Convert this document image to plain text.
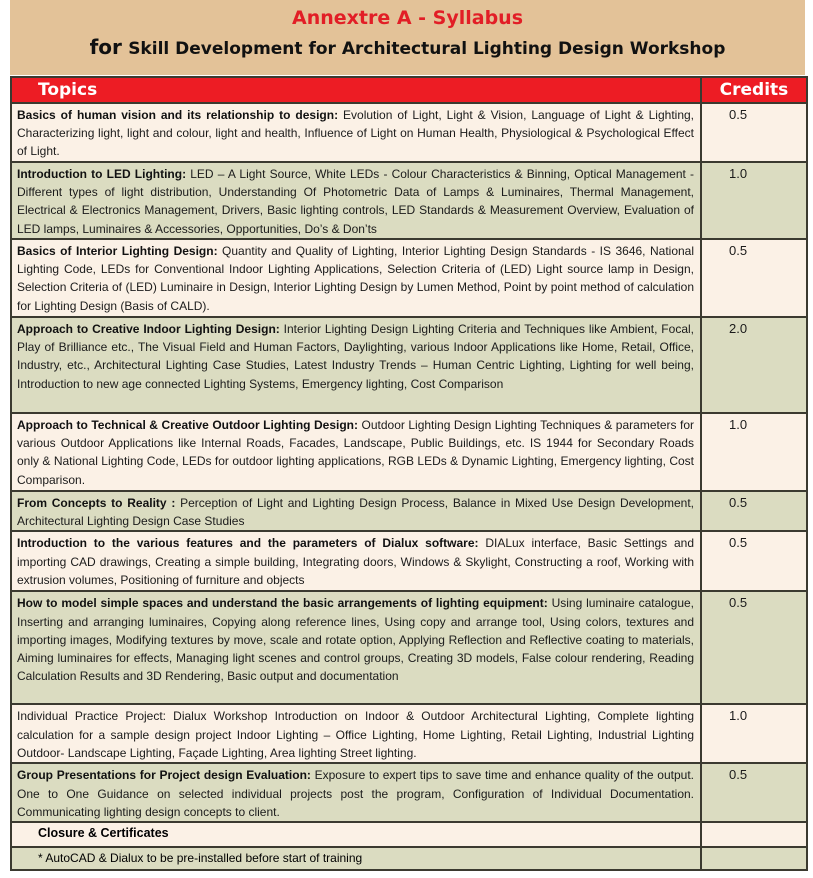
Annextre A - Syllabus
for Skill Development for Architectural Lighting Design Workshop
Topics	Credits
Basics of human vision and its relationship to design: Evolution of Light, Light & Vision, Language of Light & Lighting, Characterizing light, light and colour, light and health, Influence of Light on Human Health, Physiological & Psychological Effect of Light.	0.5
Introduction to LED Lighting: LED – A Light Source, White LEDs - Colour Characteristics & Binning, Optical Management - Different types of light distribution, Understanding Of Photometric Data of Lamps & Luminaires, Thermal Management, Electrical & Electronics Management, Drivers, Basic lighting controls, LED Standards & Measurement Overview, Evaluation of LED lamps, Luminaires & Accessories, Opportunities, Do’s & Don’ts	1.0
Basics of Interior Lighting Design: Quantity and Quality of Lighting, Interior Lighting Design Standards - IS 3646, National Lighting Code, LEDs for Conventional Indoor Lighting Applications, Selection Criteria of (LED) Light source lamp in Design, Selection Criteria of (LED) Luminaire in Design, Interior Lighting Design by Lumen Method, Point by point method of calculation for Lighting Design (Basis of CALD).	0.5
Approach to Creative Indoor Lighting Design: Interior Lighting Design Lighting Criteria and Techniques like Ambient, Focal, Play of Brilliance etc., The Visual Field and Human Factors, Daylighting, various Indoor Applications like Home, Retail, Office, Industry, etc., Architectural Lighting Case Studies, Latest Industry Trends – Human Centric Lighting, Lighting for well being, Introduction to new age connected Lighting Systems, Emergency lighting, Cost Comparison	2.0
Approach to Technical & Creative Outdoor Lighting Design: Outdoor Lighting Design Lighting Techniques & parameters for various Outdoor Applications like Internal Roads, Facades, Landscape, Public Buildings, etc. IS 1944 for Secondary Roads only & National Lighting Code, LEDs for outdoor lighting applications, RGB LEDs & Dynamic Lighting, Emergency lighting, Cost Comparison.	1.0
From Concepts to Reality : Perception of Light and Lighting Design Process, Balance in Mixed Use Design Development, Architectural Lighting Design Case Studies	0.5
Introduction to the various features and the parameters of Dialux software: DIALux interface, Basic Settings and importing CAD drawings, Creating a simple building, Integrating doors, Windows & Skylight, Constructing a roof, Working with extrusion volumes, Positioning of furniture and objects	0.5
How to model simple spaces and understand the basic arrangements of lighting equipment: Using luminaire catalogue, Inserting and arranging luminaires, Copying along reference lines, Using copy and arrange tool, Using colors, textures and importing images, Modifying textures by move, scale and rotate option, Applying Reflection and Reflective coating to materials, Aiming luminaires for effects, Managing light scenes and control groups, Creating 3D models, False colour rendering, Reading Calculation Results and 3D Rendering, Basic output and documentation	0.5
Individual Practice Project: Dialux Workshop Introduction on Indoor & Outdoor Architectural Lighting, Complete lighting calculation for a sample design project Indoor Lighting – Office Lighting, Home Lighting, Retail Lighting, Industrial Lighting Outdoor- Landscape Lighting, Façade Lighting, Area lighting Street lighting.	1.0
Group Presentations for Project design Evaluation: Exposure to expert tips to save time and enhance quality of the output. One to One Guidance on selected individual projects post the program, Configuration of Individual Documentation. Communicating lighting design concepts to client.	0.5
Closure & Certificates	
* AutoCAD & Dialux to be pre-installed before start of training	
